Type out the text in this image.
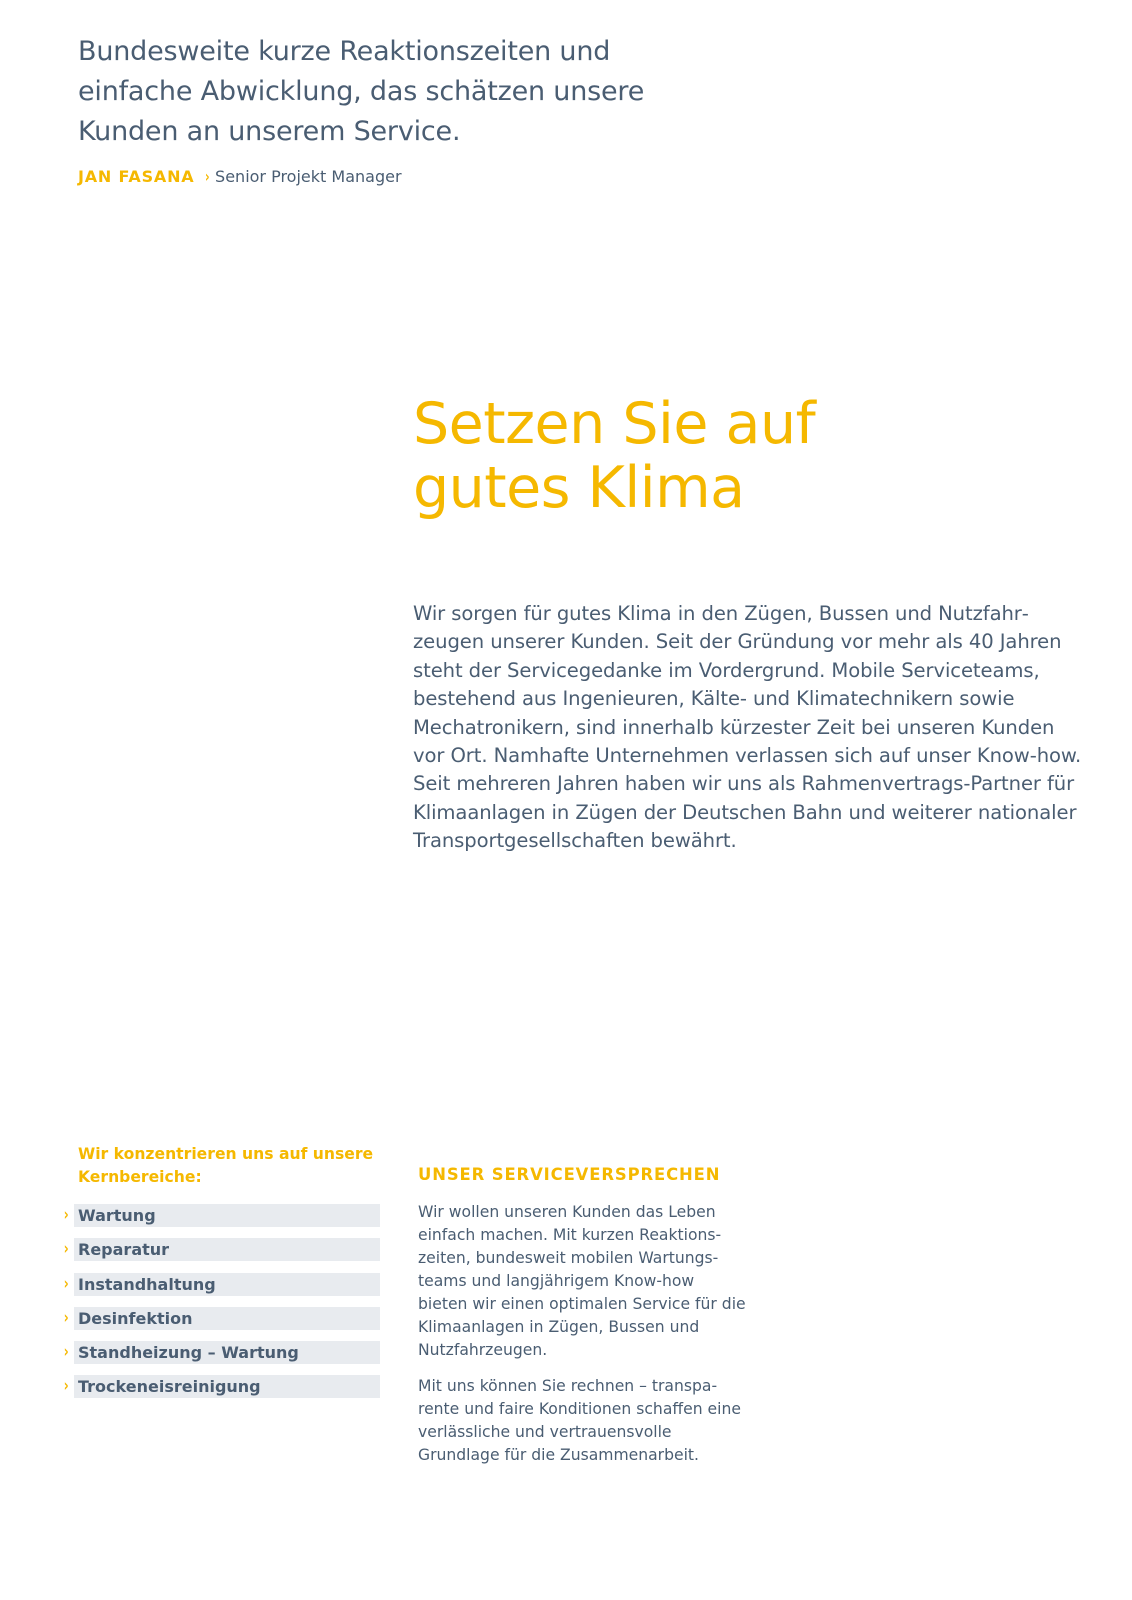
Bundesweite kurze Reaktionszeiten und einfache Abwicklung, das schätzen unsere Kunden an unserem Service.

JAN FASANA › Senior Projekt Manager
Setzen Sie auf
gutes Klima

Wir sorgen für gutes Klima in den Zügen, Bussen und Nutzfahrzeugen unserer Kunden. Seit der Gründung vor mehr als 40 Jahren steht der Servicegedanke im Vordergrund. Mobile Serviceteams, bestehend aus Ingenieuren, Kälte- und Klimatechnikern sowie Mechatronikern, sind innerhalb kürzester Zeit bei unseren Kunden vor Ort. Namhafte Unternehmen verlassen sich auf unser Know-how. Seit mehreren Jahren haben wir uns als Rahmenvertrags-Partner für Klimaanlagen in Zügen der Deutschen Bahn und weiterer nationaler Transportgesellschaften bewährt.

Wir konzentrieren uns auf unsere Kernbereiche:
› Wartung
› Reparatur
› Instandhaltung
› Desinfektion
› Standheizung – Wartung
› Trockeneisreinigung
UNSER SERVICEVERSPRECHEN

Wir wollen unseren Kunden das Leben einfach machen. Mit kurzen Reaktionszeiten, bundesweit mobilen Wartungsteams und langjährigem Know-how bieten wir einen optimalen Service für die Klimaanlagen in Zügen, Bussen und Nutzfahrzeugen.

Mit uns können Sie rechnen – transparente und faire Konditionen schaffen eine verlässliche und vertrauensvolle Grundlage für die Zusammenarbeit.
